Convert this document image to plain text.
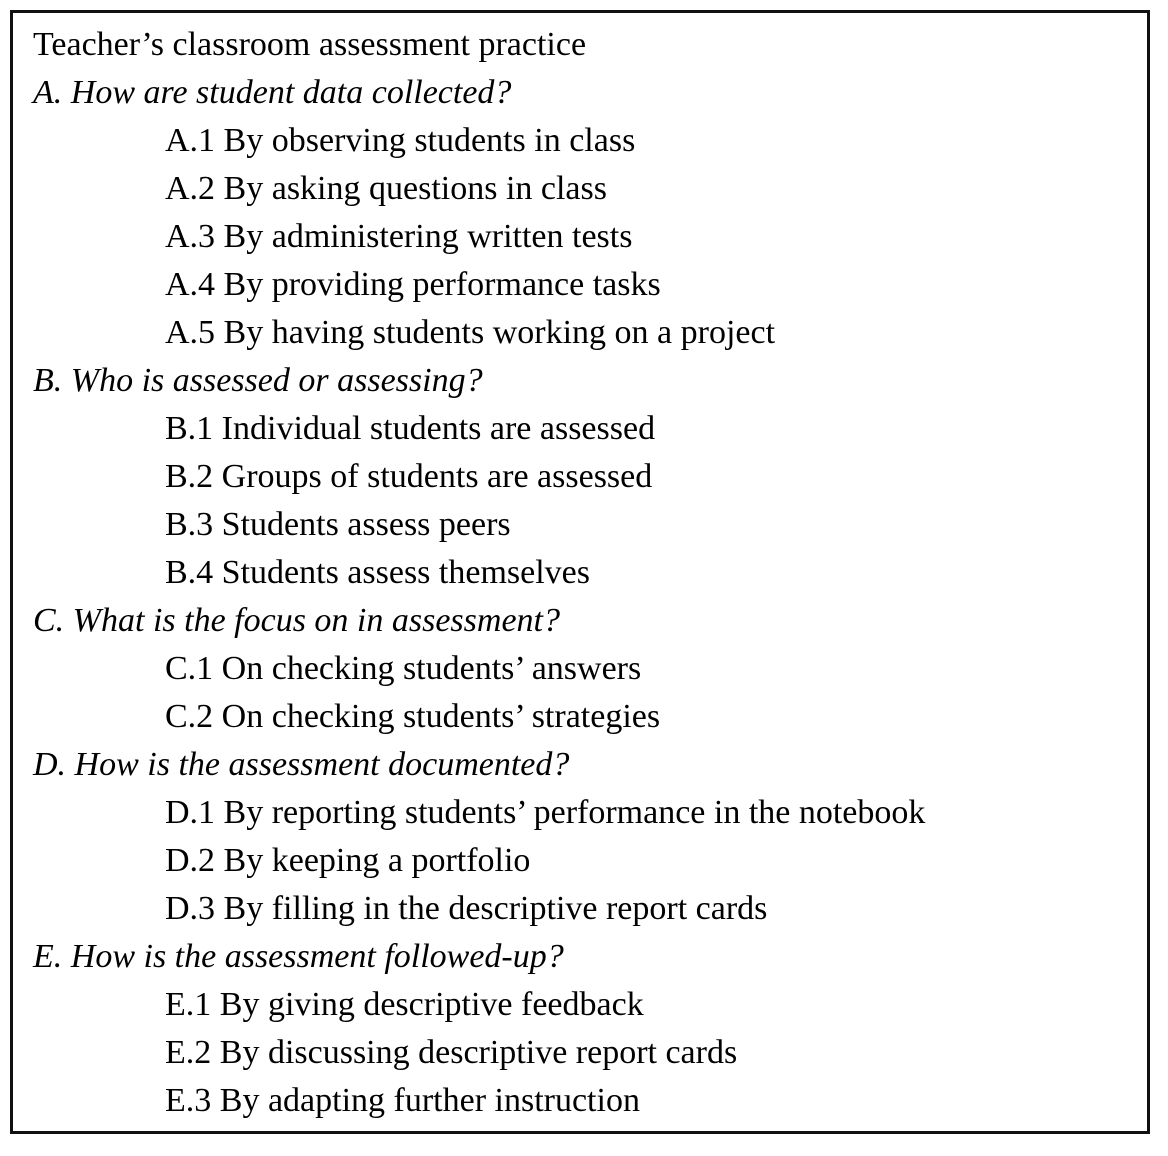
Teacher’s classroom assessment practice
A. How are student data collected?
A.1 By observing students in class
A.2 By asking questions in class
A.3 By administering written tests
A.4 By providing performance tasks
A.5 By having students working on a project
B. Who is assessed or assessing?
B.1 Individual students are assessed
B.2 Groups of students are assessed
B.3 Students assess peers
B.4 Students assess themselves
C. What is the focus on in assessment?
C.1 On checking students’ answers
C.2 On checking students’ strategies
D. How is the assessment documented?
D.1 By reporting students’ performance in the notebook
D.2 By keeping a portfolio
D.3 By filling in the descriptive report cards
E. How is the assessment followed-up?
E.1 By giving descriptive feedback
E.2 By discussing descriptive report cards
E.3 By adapting further instruction
